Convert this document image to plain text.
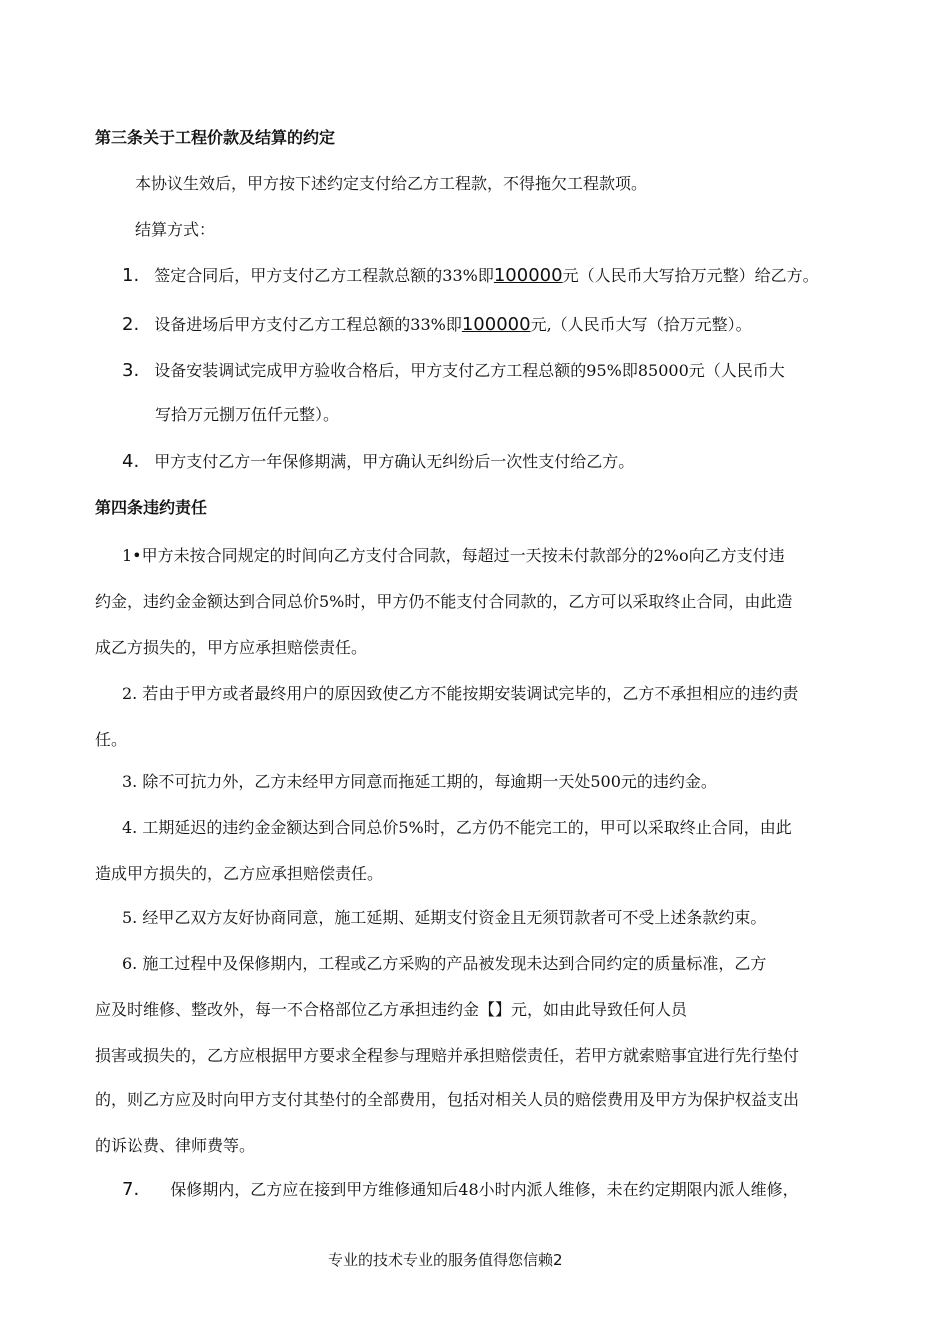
第三条关于工程价款及结算的约定
本协议生效后，甲方按下述约定支付给乙方工程款，不得拖欠工程款项。
结算方式：
1. 签定合同后，甲方支付乙方工程款总额的33%即100000元（人民币大写拾万元整）给乙方。
2. 设备进场后甲方支付乙方工程总额的33%即100000元,（人民币大写（拾万元整）。
3. 设备安装调试完成甲方验收合格后，甲方支付乙方工程总额的95%即85000元（人民币大
写拾万元捌万伍仟元整）。
4. 甲方支付乙方一年保修期满，甲方确认无纠纷后一次性支付给乙方。
第四条违约责任
1•甲方未按合同规定的时间向乙方支付合同款，每超过一天按未付款部分的2%o向乙方支付违
约金，违约金金额达到合同总价5%时，甲方仍不能支付合同款的，乙方可以采取终止合同，由此造
成乙方损失的，甲方应承担赔偿责任。
2. 若由于甲方或者最终用户的原因致使乙方不能按期安装调试完毕的，乙方不承担相应的违约责
任。
3. 除不可抗力外，乙方未经甲方同意而拖延工期的，每逾期一天处500元的违约金。
4. 工期延迟的违约金金额达到合同总价5%时，乙方仍不能完工的，甲可以采取终止合同，由此
造成甲方损失的，乙方应承担赔偿责任。
5. 经甲乙双方友好协商同意，施工延期、延期支付资金且无须罚款者可不受上述条款约束。
6. 施工过程中及保修期内，工程或乙方采购的产品被发现未达到合同约定的质量标准，乙方
应及时维修、整改外，每一不合格部位乙方承担违约金【】元，如由此导致任何人员
损害或损失的，乙方应根据甲方要求全程参与理赔并承担赔偿责任，若甲方就索赔事宜进行先行垫付
的，则乙方应及时向甲方支付其垫付的全部费用，包括对相关人员的赔偿费用及甲方为保护权益支出
的诉讼费、律师费等。
7. 保修期内，乙方应在接到甲方维修通知后48小时内派人维修，未在约定期限内派人维修，
专业的技术专业的服务值得您信赖2
